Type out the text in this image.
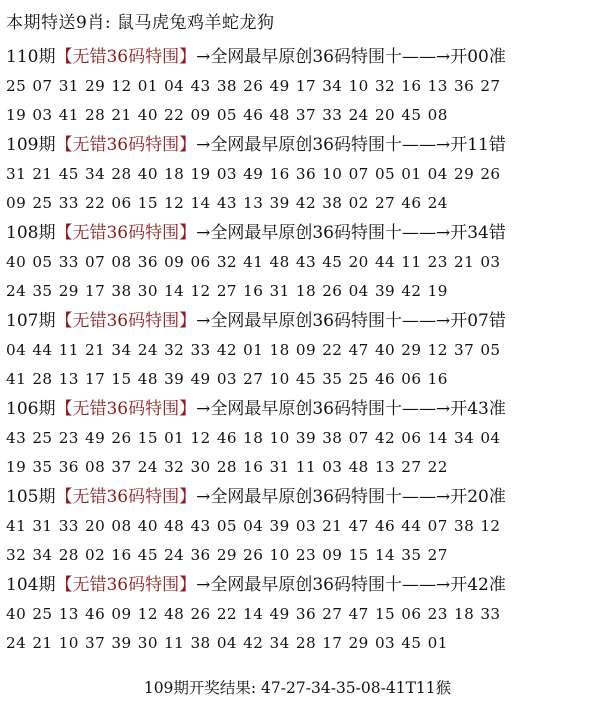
本期特送9肖: 鼠马虎兔鸡羊蛇龙狗
110期【无错36码特围】→全网最早原创36码特围十——→开00准
25 07 31 29 12 01 04 43 38 26 49 17 34 10 32 16 13 36 27
19 03 41 28 21 40 22 09 05 46 48 37 33 24 20 45 08
109期【无错36码特围】→全网最早原创36码特围十——→开11错
31 21 45 34 28 40 18 19 03 49 16 36 10 07 05 01 04 29 26
09 25 33 22 06 15 12 14 43 13 39 42 38 02 27 46 24
108期【无错36码特围】→全网最早原创36码特围十——→开34错
40 05 33 07 08 36 09 06 32 41 48 43 45 20 44 11 23 21 03
24 35 29 17 38 30 14 12 27 16 31 18 26 04 39 42 19
107期【无错36码特围】→全网最早原创36码特围十——→开07错
04 44 11 21 34 24 32 33 42 01 18 09 22 47 40 29 12 37 05
41 28 13 17 15 48 39 49 03 27 10 45 35 25 46 06 16
106期【无错36码特围】→全网最早原创36码特围十——→开43准
43 25 23 49 26 15 01 12 46 18 10 39 38 07 42 06 14 34 04
19 35 36 08 37 24 32 30 28 16 31 11 03 48 13 27 22
105期【无错36码特围】→全网最早原创36码特围十——→开20准
41 31 33 20 08 40 48 43 05 04 39 03 21 47 46 44 07 38 12
32 34 28 02 16 45 24 36 29 26 10 23 09 15 14 35 27
104期【无错36码特围】→全网最早原创36码特围十——→开42准
40 25 13 46 09 12 48 26 22 14 49 36 27 47 15 06 23 18 33
24 21 10 37 39 30 11 38 04 42 34 28 17 29 03 45 01
109期开奖结果: 47-27-34-35-08-41T11猴
